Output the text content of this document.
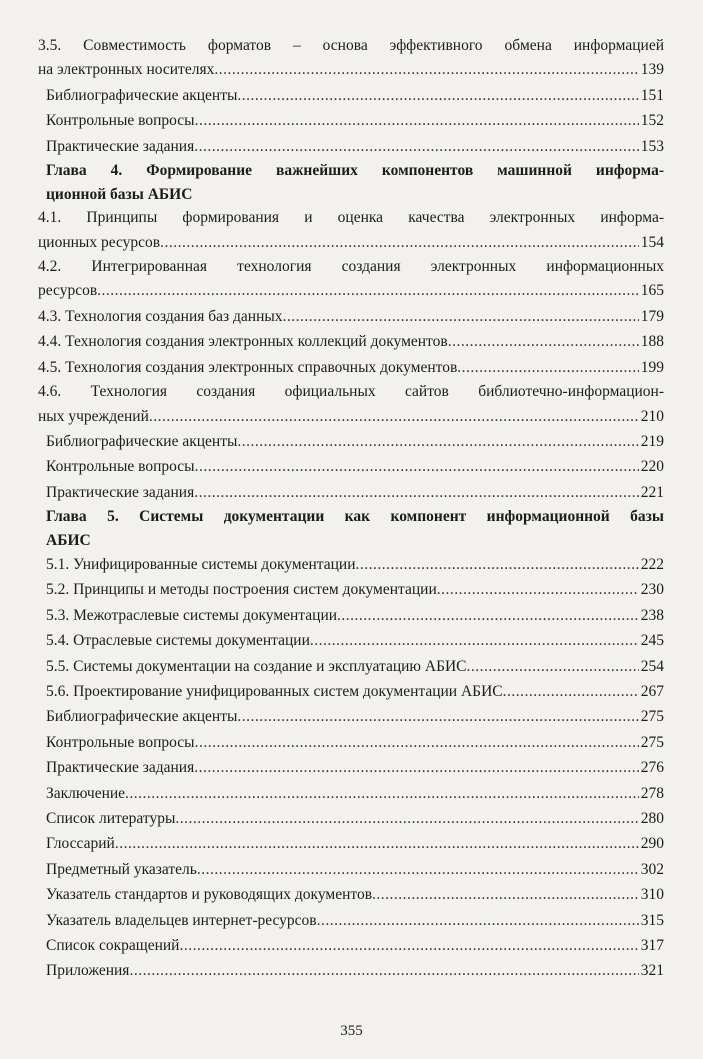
3.5. Совместимость форматов – основа эффективного обмена информацией
на электронных носителях .....	139
Библиографические акценты .....	151
Контрольные вопросы .....	152
Практические задания .....	153
Глава 4. Формирование важнейших компонентов машинной информа-
ционной базы АБИС
4.1. Принципы формирования и оценка качества электронных информа-
ционных ресурсов .....	154
4.2. Интегрированная технология создания электронных информационных
ресурсов .....	165
4.3. Технология создания баз данных .....	179
4.4. Технология создания электронных коллекций документов .....	188
4.5. Технология создания электронных справочных документов .....	199
4.6. Технология создания официальных сайтов библиотечно-информацион-
ных учреждений .....	210
Библиографические акценты .....	219
Контрольные вопросы .....	220
Практические задания .....	221
Глава 5. Системы документации как компонент информационной базы
АБИС
5.1. Унифицированные системы документации .....	222
5.2. Принципы и методы построения систем документации .....	230
5.3. Межотраслевые системы документации .....	238
5.4. Отраслевые системы документации .....	245
5.5. Системы документации на создание и эксплуатацию АБИС .....	254
5.6. Проектирование унифицированных систем документации АБИС .....	267
Библиографические акценты .....	275
Контрольные вопросы .....	275
Практические задания .....	276
Заключение .....	278
Список литературы .....	280
Глоссарий .....	290
Предметный указатель .....	302
Указатель стандартов и руководящих документов .....	310
Указатель владельцев интернет-ресурсов .....	315
Список сокращений .....	317
Приложения .....	321
355
